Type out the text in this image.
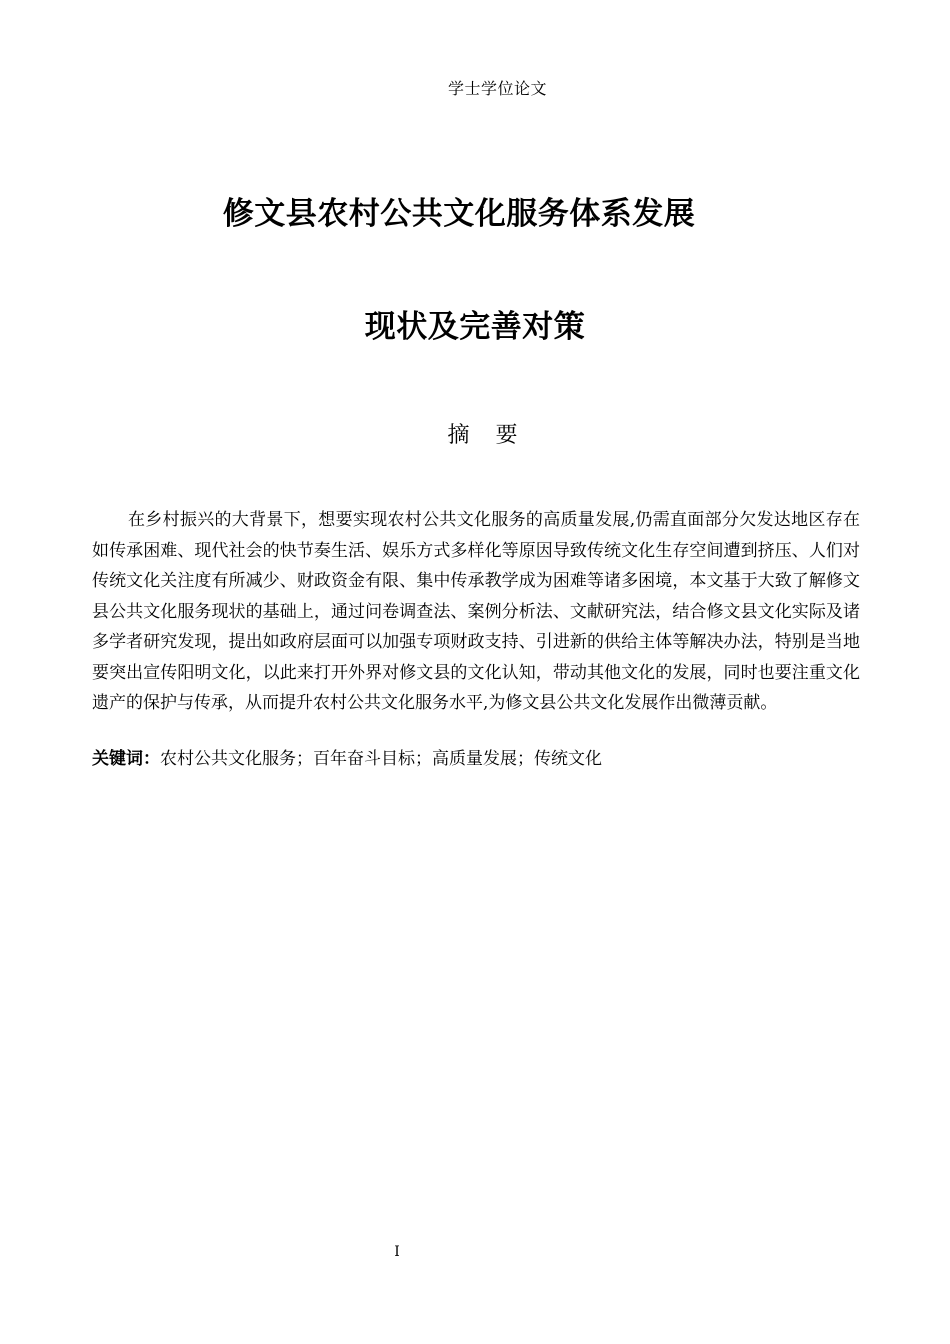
学士学位论文
修文县农村公共文化服务体系发展
现状及完善对策
摘 要

在乡村振兴的大背景下，想要实现农村公共文化服务的高质量发展,仍需直面部分欠发达地区存在如传承困难、现代社会的快节奏生活、娱乐方式多样化等原因导致传统文化生存空间遭到挤压、人们对传统文化关注度有所减少、财政资金有限、集中传承教学成为困难等诸多困境，本文基于大致了解修文县公共文化服务现状的基础上，通过问卷调查法、案例分析法、文献研究法，结合修文县文化实际及诸多学者研究发现，提出如政府层面可以加强专项财政支持、引进新的供给主体等解决办法，特别是当地要突出宣传阳明文化，以此来打开外界对修文县的文化认知，带动其他文化的发展，同时也要注重文化遗产的保护与传承，从而提升农村公共文化服务水平,为修文县公共文化发展作出微薄贡献。

关键词：农村公共文化服务；百年奋斗目标；高质量发展；传统文化
I
